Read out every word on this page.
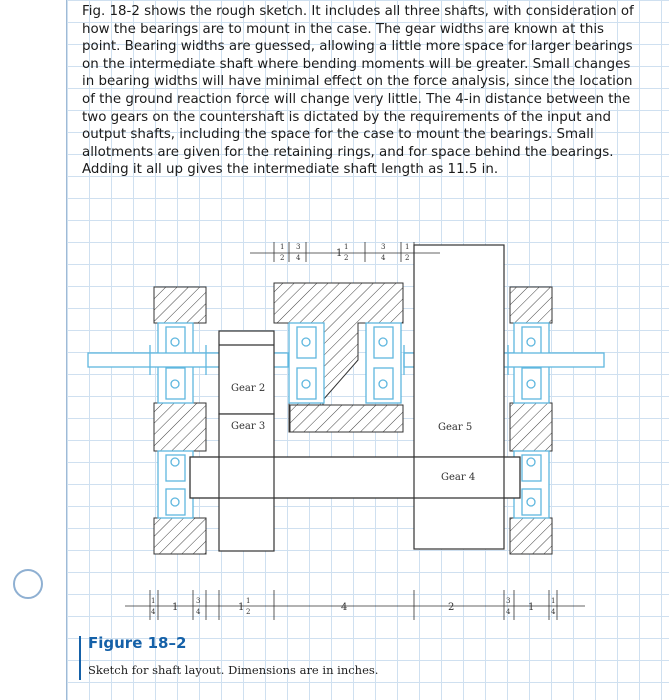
Fig. 18-2 shows the rough sketch. It includes all three shafts, with consideration of how the bearings are to mount in the case. The gear widths are known at this point. Bearing widths are guessed, allowing a little more space for larger bearings on the intermediate shaft where bending moments will be greater. Small changes in bearing widths will have minimal effect on the force analysis, since the location of the ground reaction force will change very little. The 4-in distance between the two gears on the countershaft is dictated by the requirements of the input and output shafts, including the space for the case to mount the bearings. Small allotments are given for the retaining rings, and for space behind the bearings. Adding it all up gives the intermediate shaft length as 11.5 in.

Gear 2
Gear 3	Gear 5
Gear 4
1
2
3
4	1
1
2
3
4
1
2
1
4 1
3
4	1
1
2	4	2
3
4 1
1
4
Figure 18–2
Sketch for shaft layout. Dimensions are in inches.
